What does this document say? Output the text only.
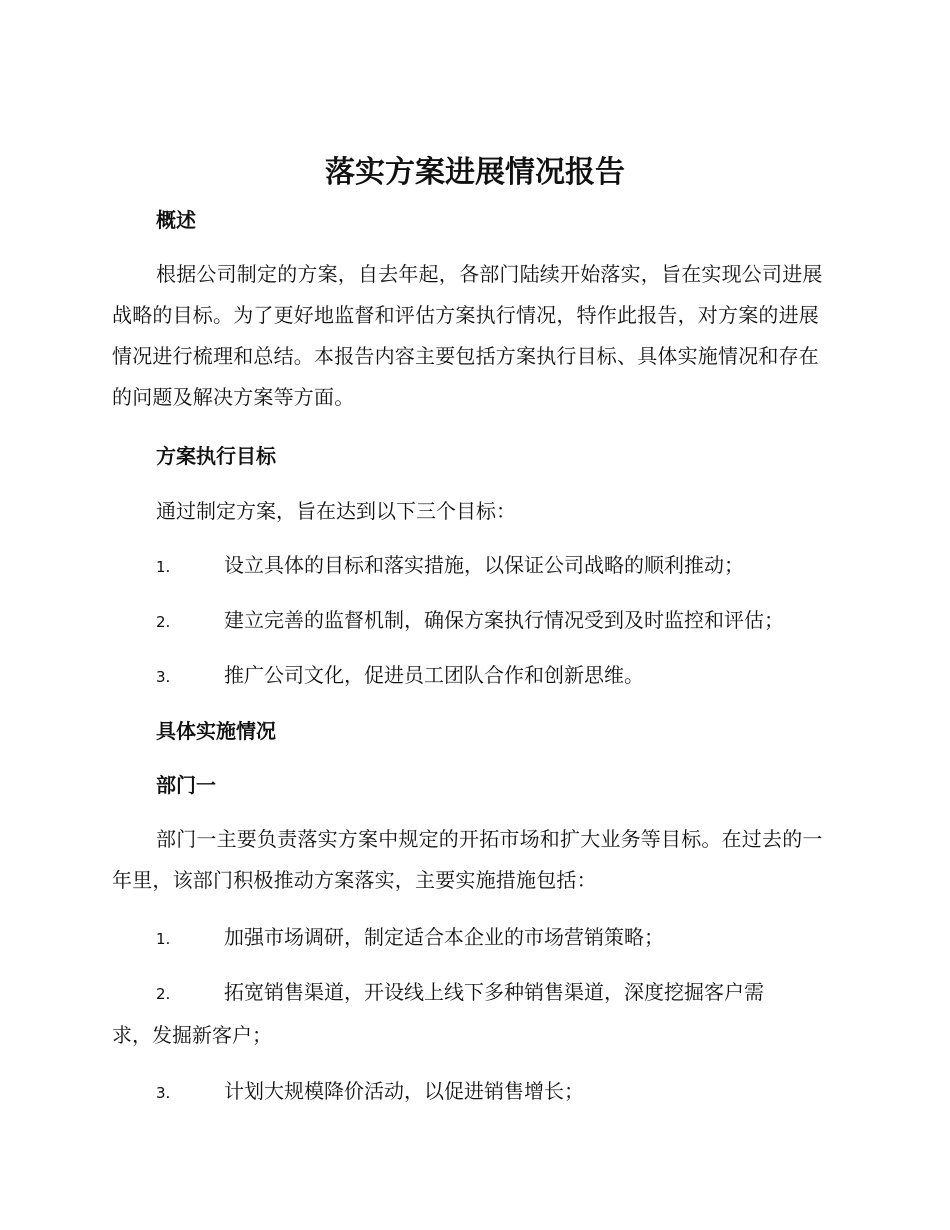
落实方案进展情况报告
概述

根据公司制定的方案，自去年起，各部门陆续开始落实，旨在实现公司进展战略的目标。为了更好地监督和评估方案执行情况，特作此报告，对方案的进展情况进行梳理和总结。本报告内容主要包括方案执行目标、具体实施情况和存在的问题及解决方案等方面。

方案执行目标

通过制定方案，旨在达到以下三个目标：

1.	设立具体的目标和落实措施，以保证公司战略的顺利推动；
2.	建立完善的监督机制，确保方案执行情况受到及时监控和评估；
3.	推广公司文化，促进员工团队合作和创新思维。
具体实施情况
部门一

部门一主要负责落实方案中规定的开拓市场和扩大业务等目标。在过去的一年里，该部门积极推动方案落实，主要实施措施包括：

1.	加强市场调研，制定适合本企业的市场营销策略；
2.	拓宽销售渠道，开设线上线下多种销售渠道，深度挖掘客户需
求，发掘新客户；
3.	计划大规模降价活动，以促进销售增长；
